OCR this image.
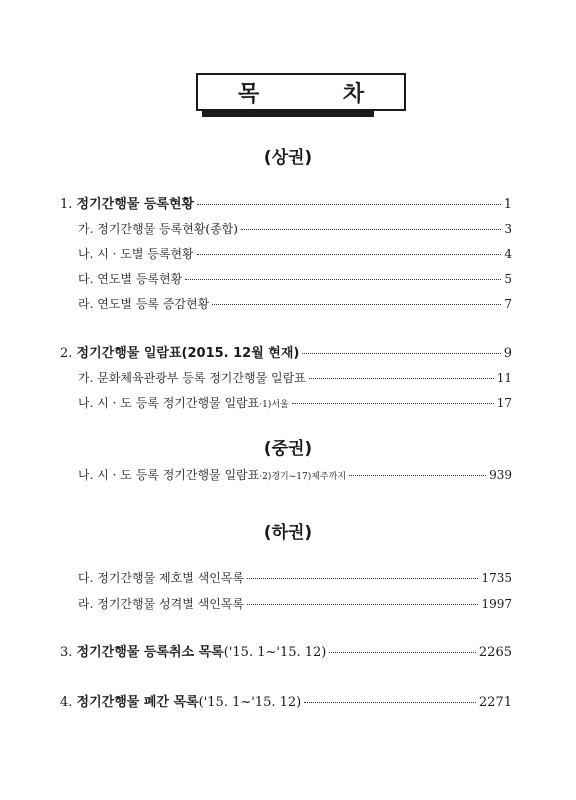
목 차
(상권)
1.
정기간행물 등록현황	1
가.
정기간행물 등록현황(종합)	3
나.
시 · 도별 등록현황	4
다.
연도별 등록현황	5
라.
연도별 등록 증감현황	7
2.
정기간행물 일람표 (2015. 12월 현재)	9
가.
문화체육관광부 등록 정기간행물 일람표	11
나.
시 · 도 등록 정기간행물 일람표 ·1)서울	17
(중권)
나.
시 · 도 등록 정기간행물 일람표 ·2)경기~17)제주까지	939
(하권)
다.
정기간행물 제호별 색인목록	1735
라.
정기간행물 성격별 색인목록	1997
3.
정기간행물 등록취소 목록 ('15. 1~'15. 12)	2265
4.
정기간행물 폐간 목록 ('15. 1~'15. 12)	2271
